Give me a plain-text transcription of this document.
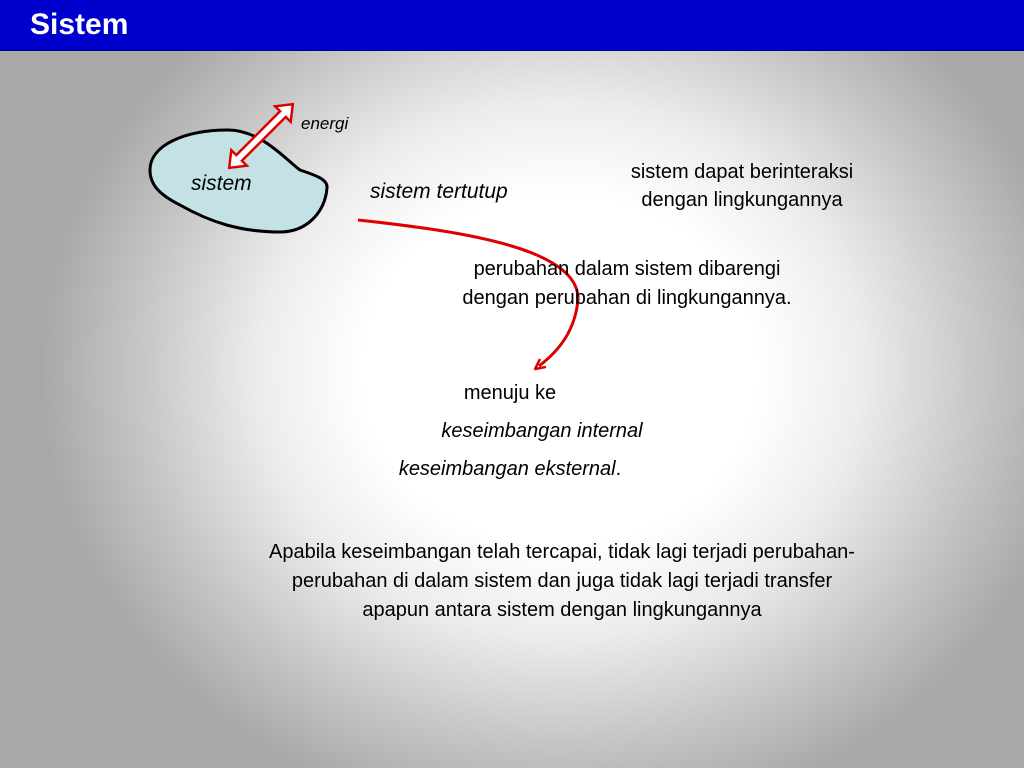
Sistem
energi
sistem	sistem tertutup
sistem dapat berinteraksi
dengan lingkungannya
perubahan dalam sistem dibarengi
dengan perubahan di lingkungannya.
menuju ke
keseimbangan internal
keseimbangan eksternal.
Apabila keseimbangan telah tercapai, tidak lagi terjadi perubahan-
perubahan di dalam sistem dan juga tidak lagi terjadi transfer
apapun antara sistem dengan lingkungannya
